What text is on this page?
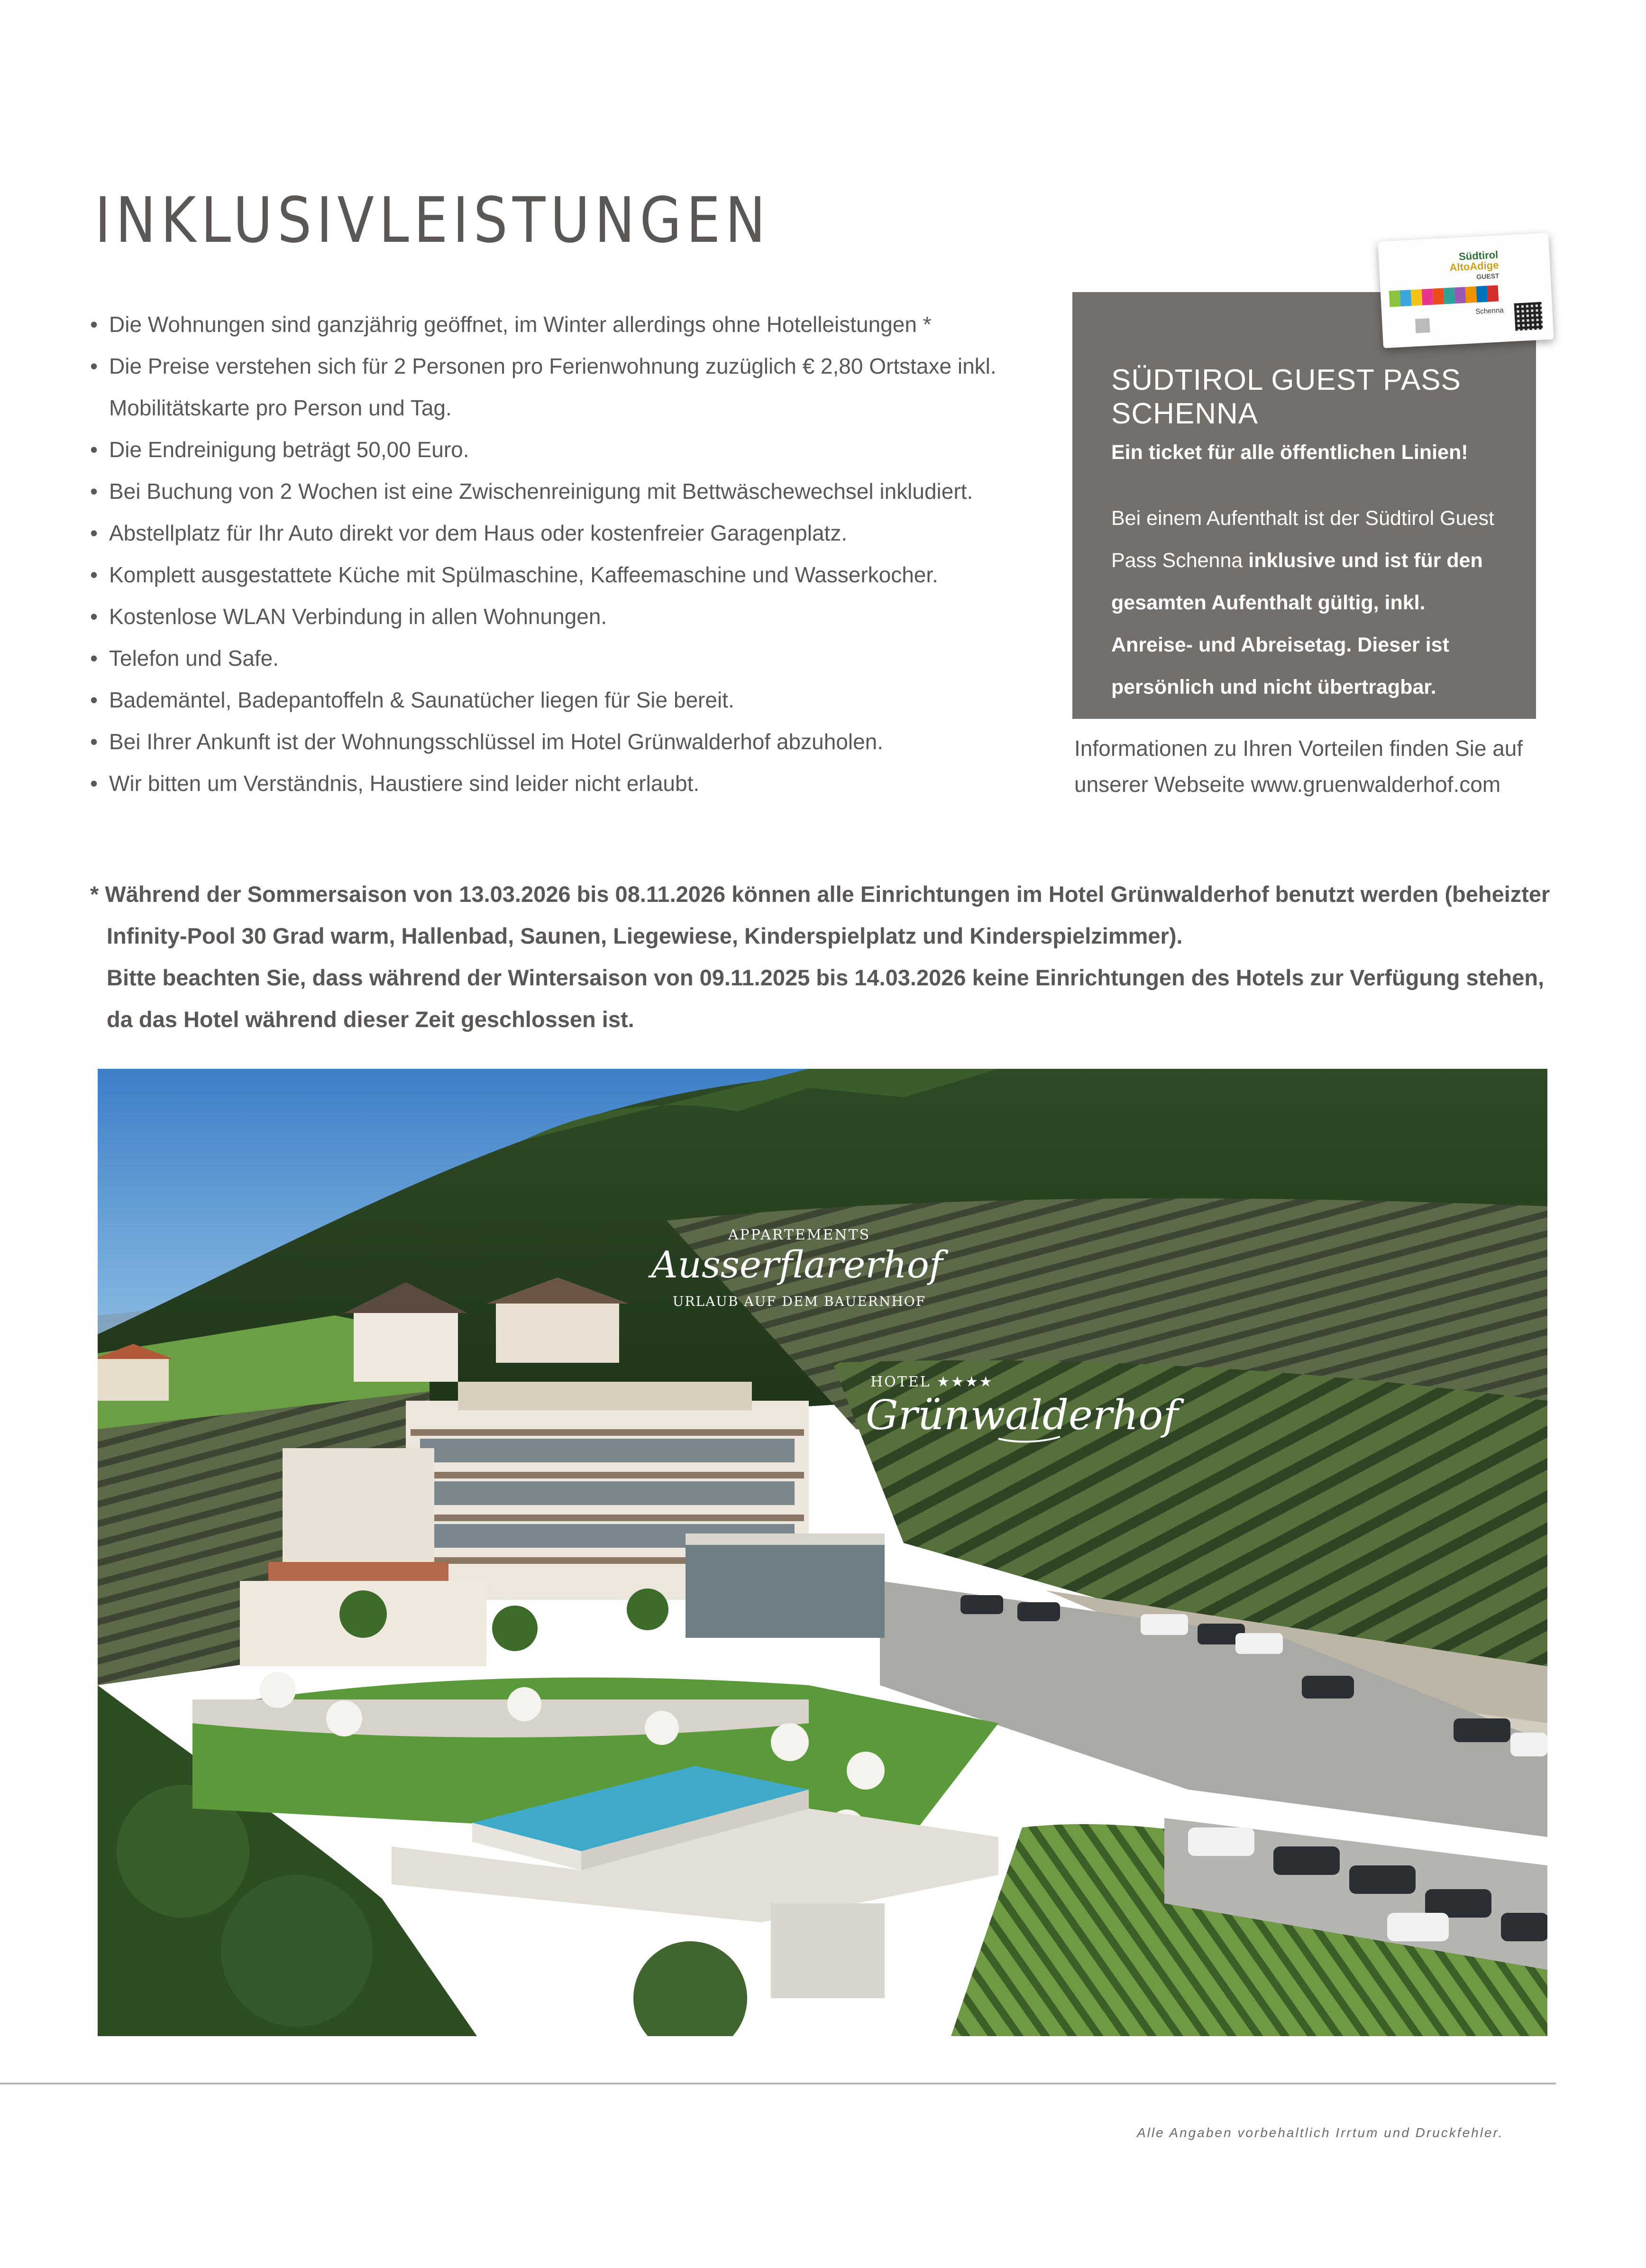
INKLUSIVLEISTUNGEN
• Die Wohnungen sind ganzjährig geöffnet, im Winter allerdings ohne Hotelleistungen *
• Die Preise verstehen sich für 2 Personen pro Ferienwohnung zuzüglich € 2,80 Ortstaxe inkl. Mobilitätskarte pro Person und Tag.
• Die Endreinigung beträgt 50,00 Euro.
• Bei Buchung von 2 Wochen ist eine Zwischenreinigung mit Bettwäschewechsel inkludiert.
• Abstellplatz für Ihr Auto direkt vor dem Haus oder kostenfreier Garagenplatz.
• Komplett ausgestattete Küche mit Spülmaschine, Kaffeemaschine und Wasserkocher.
• Kostenlose WLAN Verbindung in allen Wohnungen.
• Telefon und Safe.
• Bademäntel, Badepantoffeln & Saunatücher liegen für Sie bereit.
• Bei Ihrer Ankunft ist der Wohnungsschlüssel im Hotel Grünwalderhof abzuholen.
• Wir bitten um Verständnis, Haustiere sind leider nicht erlaubt.
SÜDTIROL GUEST PASS SCHENNA
Ein ticket für alle öffentlichen Linien!
Bei einem Aufenthalt ist der Südtirol Guest Pass Schenna inklusive und ist für den gesamten Aufenthalt gültig, inkl. Anreise- und Abreisetag. Dieser ist persönlich und nicht übertragbar.
Südtirol
AltoAdige
GUEST
Schenna
Informationen zu Ihren Vorteilen finden Sie auf unserer Webseite www.gruenwalderhof.com

* Während der Sommersaison von 13.03.2026 bis 08.11.2026 können alle Einrichtungen im Hotel Grünwalderhof benutzt werden (beheizter Infinity-Pool 30 Grad warm, Hallenbad, Saunen, Liegewiese, Kinderspielplatz und Kinderspielzimmer).

Bitte beachten Sie, dass während der Wintersaison von 09.11.2025 bis 14.03.2026 keine Einrichtungen des Hotels zur Verfügung stehen, da das Hotel während dieser Zeit geschlossen ist.

APPARTEMENTS
Ausserflarerhof
URLAUB AUF DEM BAUERNHOF
HOTEL ★★★★
Grünwalderhof
Alle Angaben vorbehaltlich Irrtum und Druckfehler.
